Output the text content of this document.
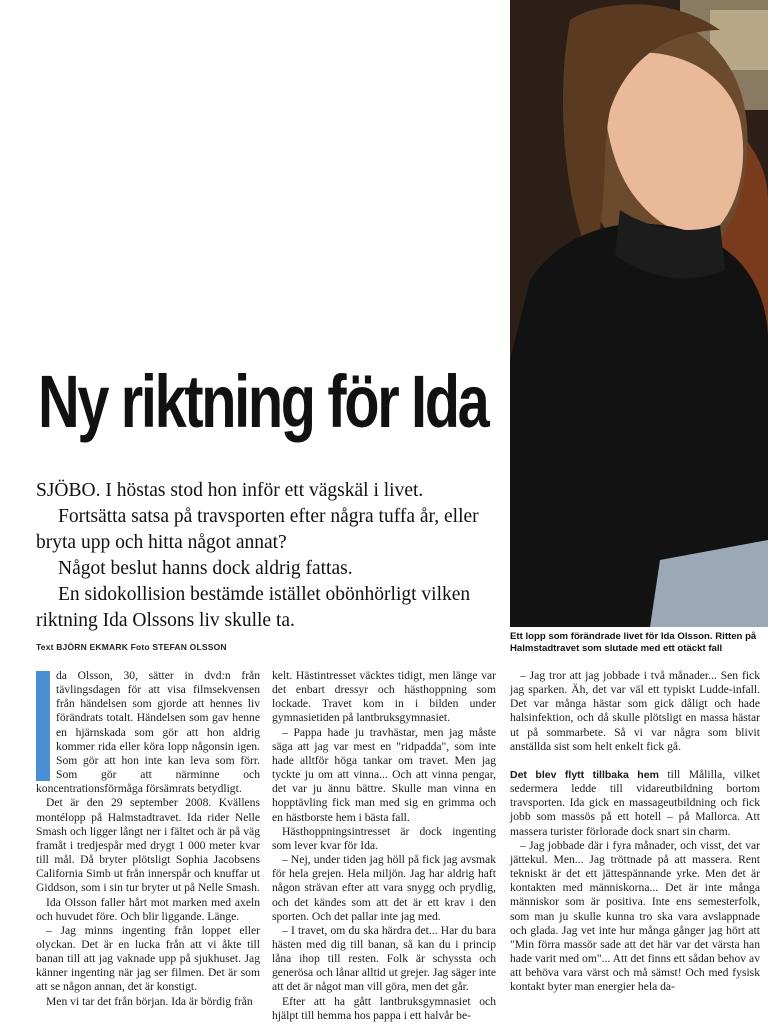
Ett lopp som förändrade livet för Ida Olsson. Ritten på Halmstadtravet som slutade med ett otäckt fall

Ny riktning för Ida

SJÖBO. I höstas stod hon inför ett vägskäl i livet.

Fortsätta satsa på travsporten efter några tuffa år, eller bryta upp och hitta något annat?

Något beslut hanns dock aldrig fattas.

En sidokollision bestämde istället obönhörligt vilken riktning Ida Olssons liv skulle ta.

Text BJÖRN EKMARK Foto STEFAN OLSSON

da Olsson, 30, sätter in dvd:n från tävlingsdagen för att visa filmsekvensen från händelsen som gjorde att hennes liv förändrats totalt. Händelsen som gav henne en hjärnskada som gör att hon aldrig kommer rida eller köra lopp någonsin igen. Som gör att hon inte kan leva som förr. Som gör att närminne och koncentrationsförmåga försämrats betydligt.

Det är den 29 september 2008. Kvällens montélopp på Halmstadtravet. Ida rider Nelle Smash och ligger långt ner i fältet och är på väg framåt i tredjespår med drygt 1 000 meter kvar till mål. Då bryter plötsligt Sophia Jacobsens California Simb ut från innerspår och knuffar ut Giddson, som i sin tur bryter ut på Nelle Smash.

Ida Olsson faller hårt mot marken med axeln och huvudet före. Och blir liggande. Länge.

– Jag minns ingenting från loppet eller olyckan. Det är en lucka från att vi åkte till banan till att jag vaknade upp på sjukhuset. Jag känner ingenting när jag ser filmen. Det är som att se någon annan, det är konstigt.

Men vi tar det från början. Ida är bördig från

kelt. Hästintresset väcktes tidigt, men länge var det enbart dressyr och hästhoppning som lockade. Travet kom in i bilden under gymnasietiden på lantbruksgymnasiet.

– Pappa hade ju travhästar, men jag måste säga att jag var mest en "ridpadda", som inte hade alltför höga tankar om travet. Men jag tyckte ju om att vinna... Och att vinna pengar, det var ju ännu bättre. Skulle man vinna en hopptävling fick man med sig en grimma och en hästborste hem i bästa fall.

Hästhoppningsintresset är dock ingenting som lever kvar för Ida.

– Nej, under tiden jag höll på fick jag avsmak för hela grejen. Hela miljön. Jag har aldrig haft någon strävan efter att vara snygg och prydlig, och det kändes som att det är ett krav i den sporten. Och det pallar inte jag med.

– I travet, om du ska härdra det... Har du bara hästen med dig till banan, så kan du i princip låna ihop till resten. Folk är schyssta och generösa och lånar alltid ut grejer. Jag säger inte att det är något man vill göra, men det går.

Efter att ha gått lantbruksgymnasiet och hjälpt till hemma hos pappa i ett halvår be-

– Jag tror att jag jobbade i två månader... Sen fick jag sparken. Äh, det var väl ett typiskt Ludde-infall. Det var många hästar som gick dåligt och hade halsinfektion, och då skulle plötsligt en massa hästar ut på sommarbete. Så vi var några som blivit anställda sist som helt enkelt fick gå.

Det blev flytt tillbaka hem till Målilla, vilket sedermera ledde till vidareutbildning bortom travsporten. Ida gick en massageutbildning och fick jobb som massös på ett hotell – på Mallorca. Att massera turister förlorade dock snart sin charm.

– Jag jobbade där i fyra månader, och visst, det var jättekul. Men... Jag tröttnade på att massera. Rent tekniskt är det ett jättespännande yrke. Men det är kontakten med människorna... Det är inte många människor som är positiva. Inte ens semesterfolk, som man ju skulle kunna tro ska vara avslappnade och glada. Jag vet inte hur många gånger jag hört att "Min förra massör sade att det här var det värsta han hade varit med om"... Att det finns ett sådan behov av att behöva vara värst och må sämst! Och med fysisk kontakt byter man energier hela da-
